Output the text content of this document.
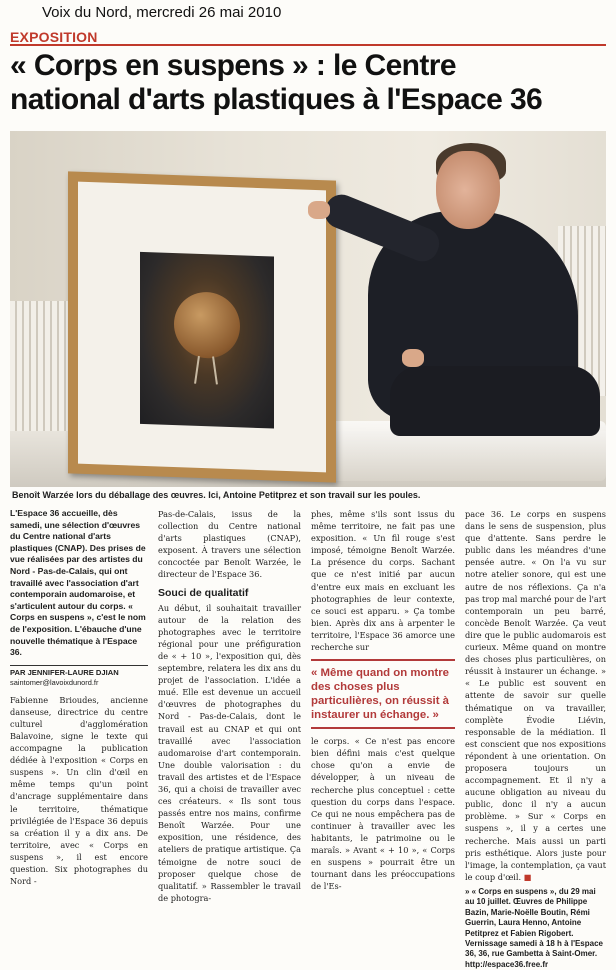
Voix du Nord, mercredi 26 mai 2010
EXPOSITION
« Corps en suspens » : le Centre
national d'arts plastiques à l'Espace 36
Benoît Warzée lors du déballage des œuvres. Ici, Antoine Petitprez et son travail sur les poules.

L'Espace 36 accueille, dès samedi, une sélection d'œuvres du Centre national d'arts plastiques (CNAP). Des prises de vue réalisées par des artistes du Nord - Pas-de-Calais, qui ont travaillé avec l'association d'art contemporain audomaroise, et s'articulent autour du corps. « Corps en suspens », c'est le nom de l'exposition. L'ébauche d'une nouvelle thématique à l'Espace 36.

PAR JENNIFER-LAURE DJIAN
saintomer@lavoixdunord.fr

Fabienne Brioudes, ancienne danseuse, directrice du centre culturel d'agglomération Balavoine, signe le texte qui accompagne la publication dédiée à l'exposition « Corps en suspens ». Un clin d'œil en même temps qu'un point d'ancrage supplémentaire dans le territoire, thématique privilégiée de l'Espace 36 depuis sa création il y a dix ans. De territoire, avec « Corps en suspens », il est encore question. Six photographes du Nord -

Pas-de-Calais, issus de la collection du Centre national d'arts plastiques (CNAP), exposent. À travers une sélection concoctée par Benoît Warzée, le directeur de l'Espace 36.

Souci de qualitatif

Au début, il souhaitait travailler autour de la relation des photographes avec le territoire régional pour une préfiguration de « + 10 », l'exposition qui, dès septembre, relatera les dix ans du projet de l'association. L'idée a mué. Elle est devenue un accueil d'œuvres de photographes du Nord - Pas-de-Calais, dont le travail est au CNAP et qui ont travaillé avec l'association audomaroise d'art contemporain. Une double valorisation : du travail des artistes et de l'Espace 36, qui a choisi de travailler avec ces créateurs. « Ils sont tous passés entre nos mains, confirme Benoît Warzée. Pour une exposition, une résidence, des ateliers de pratique artistique. Ça témoigne de notre souci de proposer quelque chose de qualitatif. » Rassembler le travail de photogra-

phes, même s'ils sont issus du même territoire, ne fait pas une exposition. « Un fil rouge s'est imposé, témoigne Benoît Warzée. La présence du corps. Sachant que ce n'est initié par aucun d'entre eux mais en excluant les photographies de leur contexte, ce souci est apparu. » Ça tombe bien. Après dix ans à arpenter le territoire, l'Espace 36 amorce une recherche sur

« Même quand on montre des choses plus particulières, on réussit à instaurer un échange. »

le corps. « Ce n'est pas encore bien défini mais c'est quelque chose qu'on a envie de développer, à un niveau de recherche plus conceptuel : cette question du corps dans l'espace. Ce qui ne nous empêchera pas de continuer à travailler avec les habitants, le patrimoine ou le maraîs. » Avant « + 10 », « Corps en suspens » pourrait être un tournant dans les préoccupations de l'Es-

pace 36. Le corps en suspens dans le sens de suspension, plus que d'attente. Sans perdre le public dans les méandres d'une pensée autre. « On l'a vu sur notre atelier sonore, qui est une autre de nos réflexions. Ça n'a pas trop mal marché pour de l'art contemporain un peu barré, concède Benoît Warzée. Ça veut dire que le public audomarois est curieux. Même quand on montre des choses plus particulières, on réussit à instaurer un échange. » « Le public est souvent en attente de savoir sur quelle thématique on va travailler, complète Évodie Liévin, responsable de la médiation. Il est conscient que nos expositions répondent à une orientation. On proposera toujours un accompagnement. Et il n'y a aucune obligation au niveau du public, donc il n'y a aucun problème. » Sur « Corps en suspens », il y a certes une recherche. Mais aussi un parti pris esthétique. Alors juste pour l'image, la contemplation, ça vaut le coup d'œil. ■

» « Corps en suspens », du 29 mai au 10 juillet. Œuvres de Philippe Bazin, Marie-Noëlle Boutin, Rémi Guerrin, Laura Henno, Antoine Petitprez et Fabien Rigobert. Vernissage samedi à 18 h à l'Espace 36, 36, rue Gambetta à Saint-Omer. http://espace36.free.fr
